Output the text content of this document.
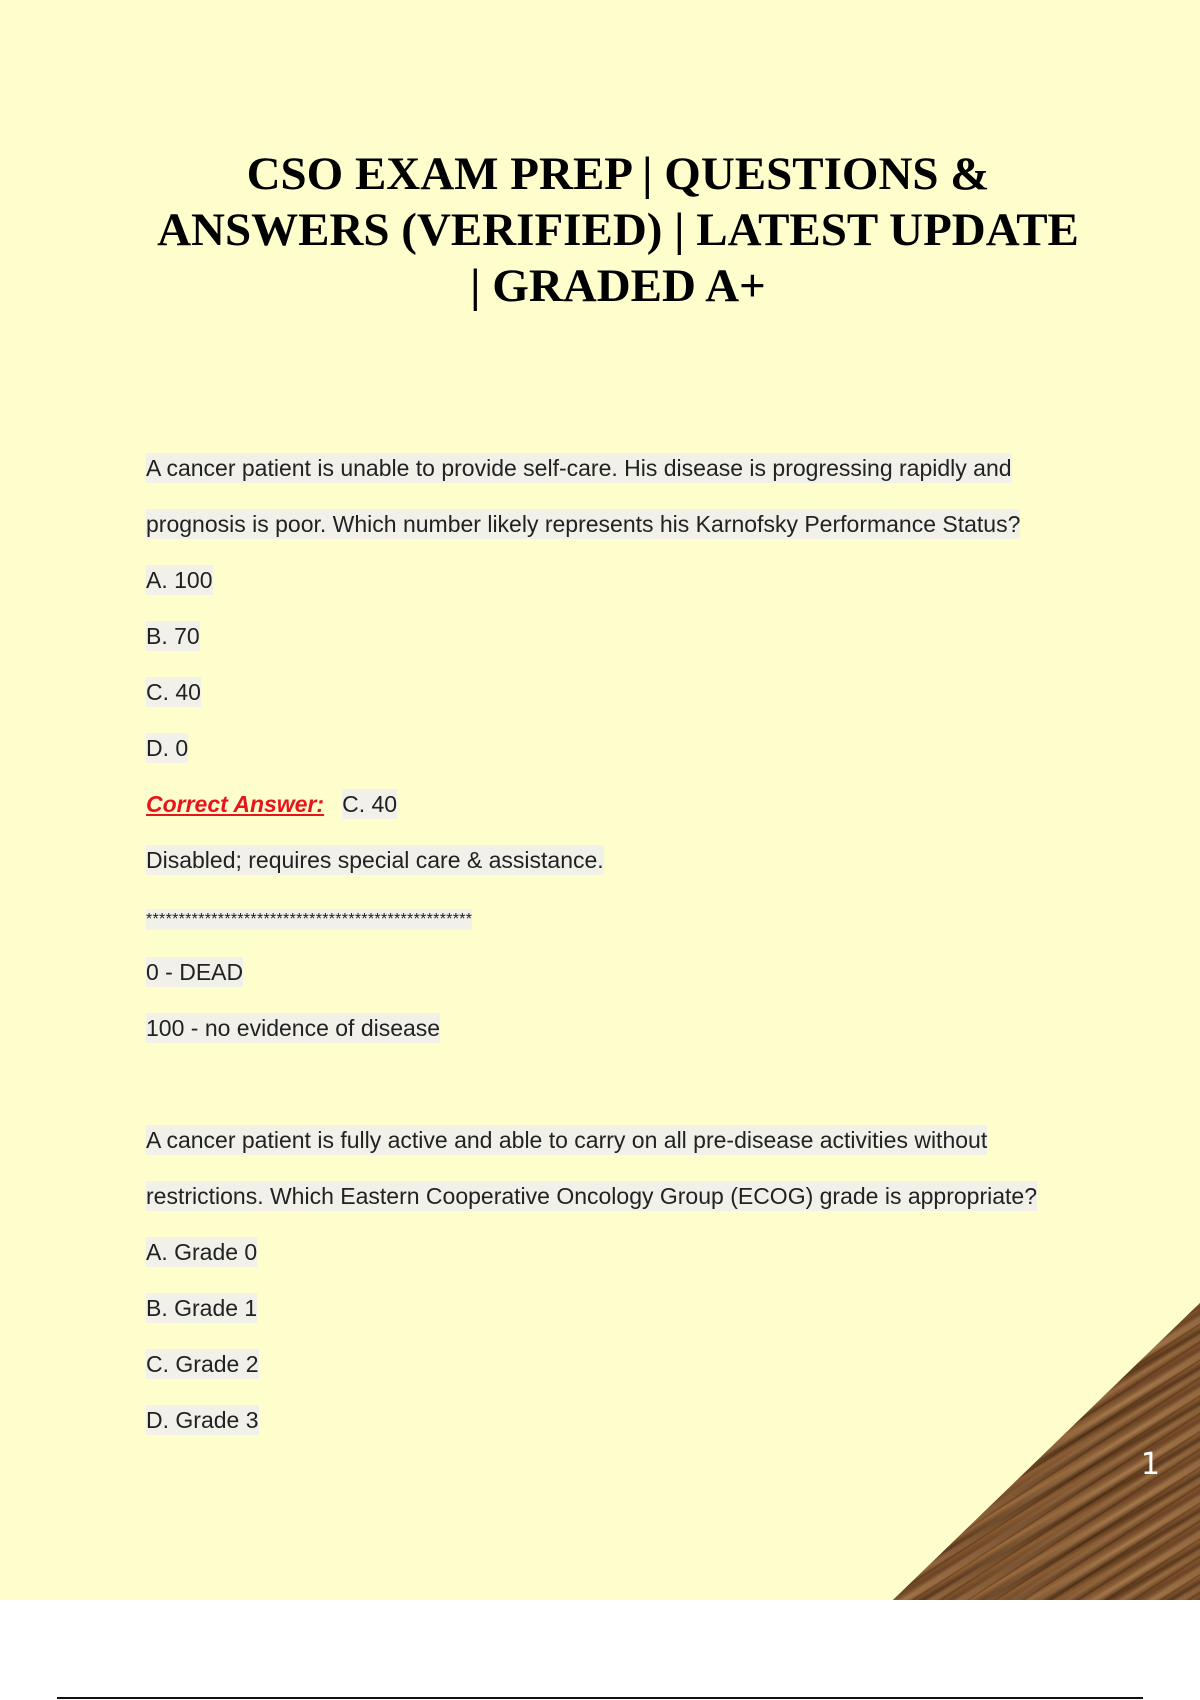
1
CSO EXAM PREP | QUESTIONS & ANSWERS (VERIFIED) | LATEST UPDATE | GRADED A+
A cancer patient is unable to provide self-care. His disease is progressing rapidly and
prognosis is poor. Which number likely represents his Karnofsky Performance Status?
A. 100
B. 70
C. 40
D. 0
Correct Answer: C. 40
Disabled; requires special care & assistance.
**************************************************
0 - DEAD
100 - no evidence of disease
A cancer patient is fully active and able to carry on all pre-disease activities without
restrictions. Which Eastern Cooperative Oncology Group (ECOG) grade is appropriate?
A. Grade 0
B. Grade 1
C. Grade 2
D. Grade 3
